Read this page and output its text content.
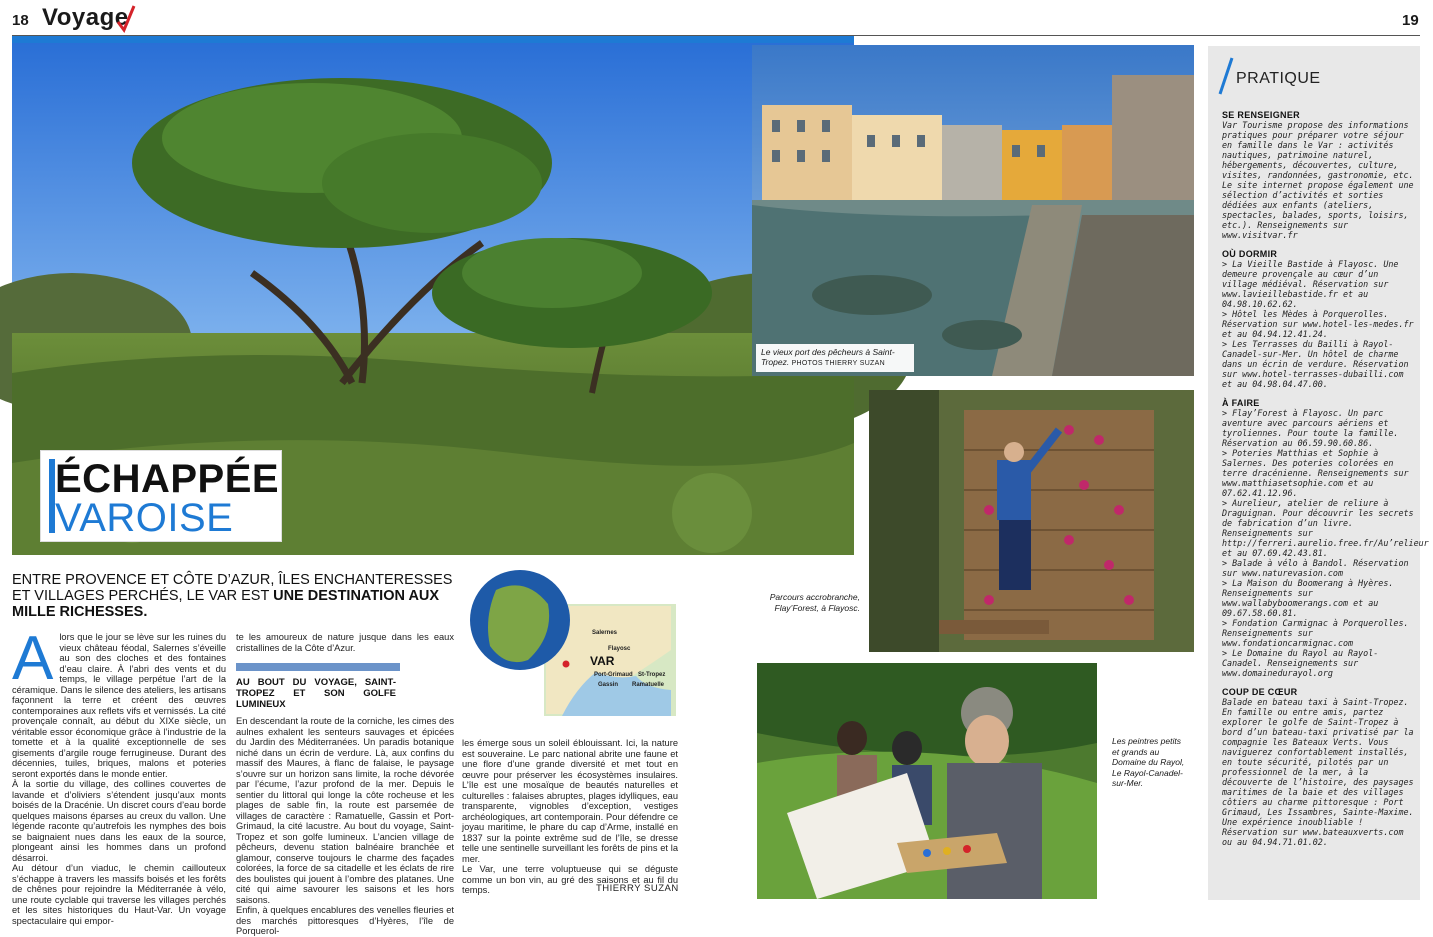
18 Voyage	19
ÉCHAPPÉE
VAROISE
ENTRE PROVENCE ET CÔTE D’AZUR, ÎLES ENCHANTERESSES ET VILLAGES PERCHÉS, LE VAR EST UNE DESTINATION AUX MILLE RICHESSES.
Salernes
Flayosc
VAR
Port-Grimaud
Gassin
St-Tropez
Ramatuelle
A lors que le jour se lève sur les ruines du vieux château féodal, Salernes s’éveille au son des cloches et des fontaines d’eau claire. À l’abri des vents et du temps, le village perpétue l’art de la céramique. Dans le silence des ateliers, les artisans façonnent la terre et créent des œuvres contemporaines aux reflets vifs et vernissés. La cité provençale connaît, au début du XIXe siècle, un véritable essor économique grâce à l’industrie de la tomette et à la qualité exceptionnelle de ses gisements d’argile rouge ferrugineuse. Durant des décennies, tuiles, briques, malons et poteries seront exportés dans le monde entier.

À la sortie du village, des collines couvertes de lavande et d’oliviers s’étendent jusqu’aux monts boisés de la Dracénie. Un discret cours d’eau borde quelques maisons éparses au creux du vallon. Une légende raconte qu’autrefois les nymphes des bois se baignaient nues dans les eaux de la source, plongeant ainsi les hommes dans un profond désarroi.

Au détour d’un viaduc, le chemin caillouteux s’échappe à travers les massifs boisés et les forêts de chênes pour rejoindre la Méditerranée à vélo, une route cyclable qui traverse les villages perchés et les sites historiques du Haut-Var. Un voyage spectaculaire qui empor-

te les amoureux de nature jusque dans les eaux cristallines de la Côte d’Azur.

AU BOUT DU VOYAGE, SAINT-TROPEZ ET SON GOLFE LUMINEUX

En descendant la route de la corniche, les cimes des aulnes exhalent les senteurs sauvages et épicées du Jardin des Méditerranées. Un paradis botanique niché dans un écrin de verdure. Là, aux confins du massif des Maures, à flanc de falaise, le paysage s’ouvre sur un horizon sans limite, la roche dévorée par l’écume, l’azur profond de la mer. Depuis le sentier du littoral qui longe la côte rocheuse et les plages de sable fin, la route est parsemée de villages de caractère : Ramatuelle, Gassin et Port-Grimaud, la cité lacustre. Au bout du voyage, Saint-Tropez et son golfe lumineux. L’ancien village de pêcheurs, devenu station balnéaire branchée et glamour, conserve toujours le charme des façades colorées, la force de sa citadelle et les éclats de rire des boulistes qui jouent à l’ombre des platanes. Une cité qui aime savourer les saisons et les hors saisons.

Enfin, à quelques encablures des venelles fleuries et des marchés pittoresques d’Hyères, l’île de Porquerol-

les émerge sous un soleil éblouissant. Ici, la nature est souveraine. Le parc national abrite une faune et une flore d’une grande diversité et met tout en œuvre pour préserver les écosystèmes insulaires. L’île est une mosaïque de beautés naturelles et culturelles : falaises abruptes, plages idylliques, eau transparente, vignobles d’exception, vestiges archéologiques, art contemporain. Pour défendre ce joyau maritime, le phare du cap d’Arme, installé en 1837 sur la pointe extrême sud de l’île, se dresse telle une sentinelle surveillant les forêts de pins et la mer.

Le Var, une terre voluptueuse qui se déguste comme un bon vin, au gré des saisons et au fil du temps.	THIERRY SUZAN
Le vieux port des pêcheurs à Saint-Tropez. PHOTOS THIERRY SUZAN
Parcours accrobranche, Flay’Forest, à Flayosc.
Les peintres petits et grands au Domaine du Rayol, Le Rayol-Canadel-sur-Mer.
PRATIQUE
SE RENSEIGNER
Var Tourisme propose des informations pratiques pour préparer votre séjour en famille dans le Var : activités nautiques, patrimoine naturel, hébergements, découvertes, culture, visites, randonnées, gastronomie, etc. Le site internet propose également une sélection d’activités et sorties dédiées aux enfants (ateliers, spectacles, balades, sports, loisirs, etc.). Renseignements sur www.visitvar.fr
OÙ DORMIR
> La Vieille Bastide à Flayosc. Une demeure provençale au cœur d’un village médiéval. Réservation sur www.lavieillebastide.fr et au 04.98.10.62.62.
> Hôtel les Mèdes à Porquerolles. Réservation sur www.hotel-les-medes.fr et au 04.94.12.41.24.
> Les Terrasses du Bailli à Rayol-Canadel-sur-Mer. Un hôtel de charme dans un écrin de verdure. Réservation sur www.hotel-terrasses-dubailli.com et au 04.98.04.47.00.
À FAIRE
> Flay’Forest à Flayosc. Un parc aventure avec parcours aériens et tyroliennes. Pour toute la famille. Réservation au 06.59.90.60.86.
> Poteries Matthias et Sophie à Salernes. Des poteries colorées en terre dracénienne. Renseignements sur www.matthiasetsophie.com et au 07.62.41.12.96.
> Aurelieur, atelier de reliure à Draguignan. Pour découvrir les secrets de fabrication d’un livre. Renseignements sur http://ferreri.aurelio.free.fr/Au’relieur et au 07.69.42.43.81.
> Balade à vélo à Bandol. Réservation sur www.naturevasion.com
> La Maison du Boomerang à Hyères. Renseignements sur www.wallabyboomerangs.com et au 09.67.58.60.81.
> Fondation Carmignac à Porquerolles. Renseignements sur www.fondationcarmignac.com
> Le Domaine du Rayol au Rayol-Canadel. Renseignements sur www.domainedurayol.org
COUP DE CŒUR
Balade en bateau taxi à Saint-Tropez. En famille ou entre amis, partez explorer le golfe de Saint-Tropez à bord d’un bateau-taxi privatisé par la compagnie les Bateaux Verts. Vous naviguerez confortablement installés, en toute sécurité, pilotés par un professionnel de la mer, à la découverte de l’histoire, des paysages maritimes de la baie et des villages côtiers au charme pittoresque : Port Grimaud, Les Issambres, Sainte-Maxime. Une expérience inoubliable ! Réservation sur www.bateauxverts.com ou au 04.94.71.01.02.
